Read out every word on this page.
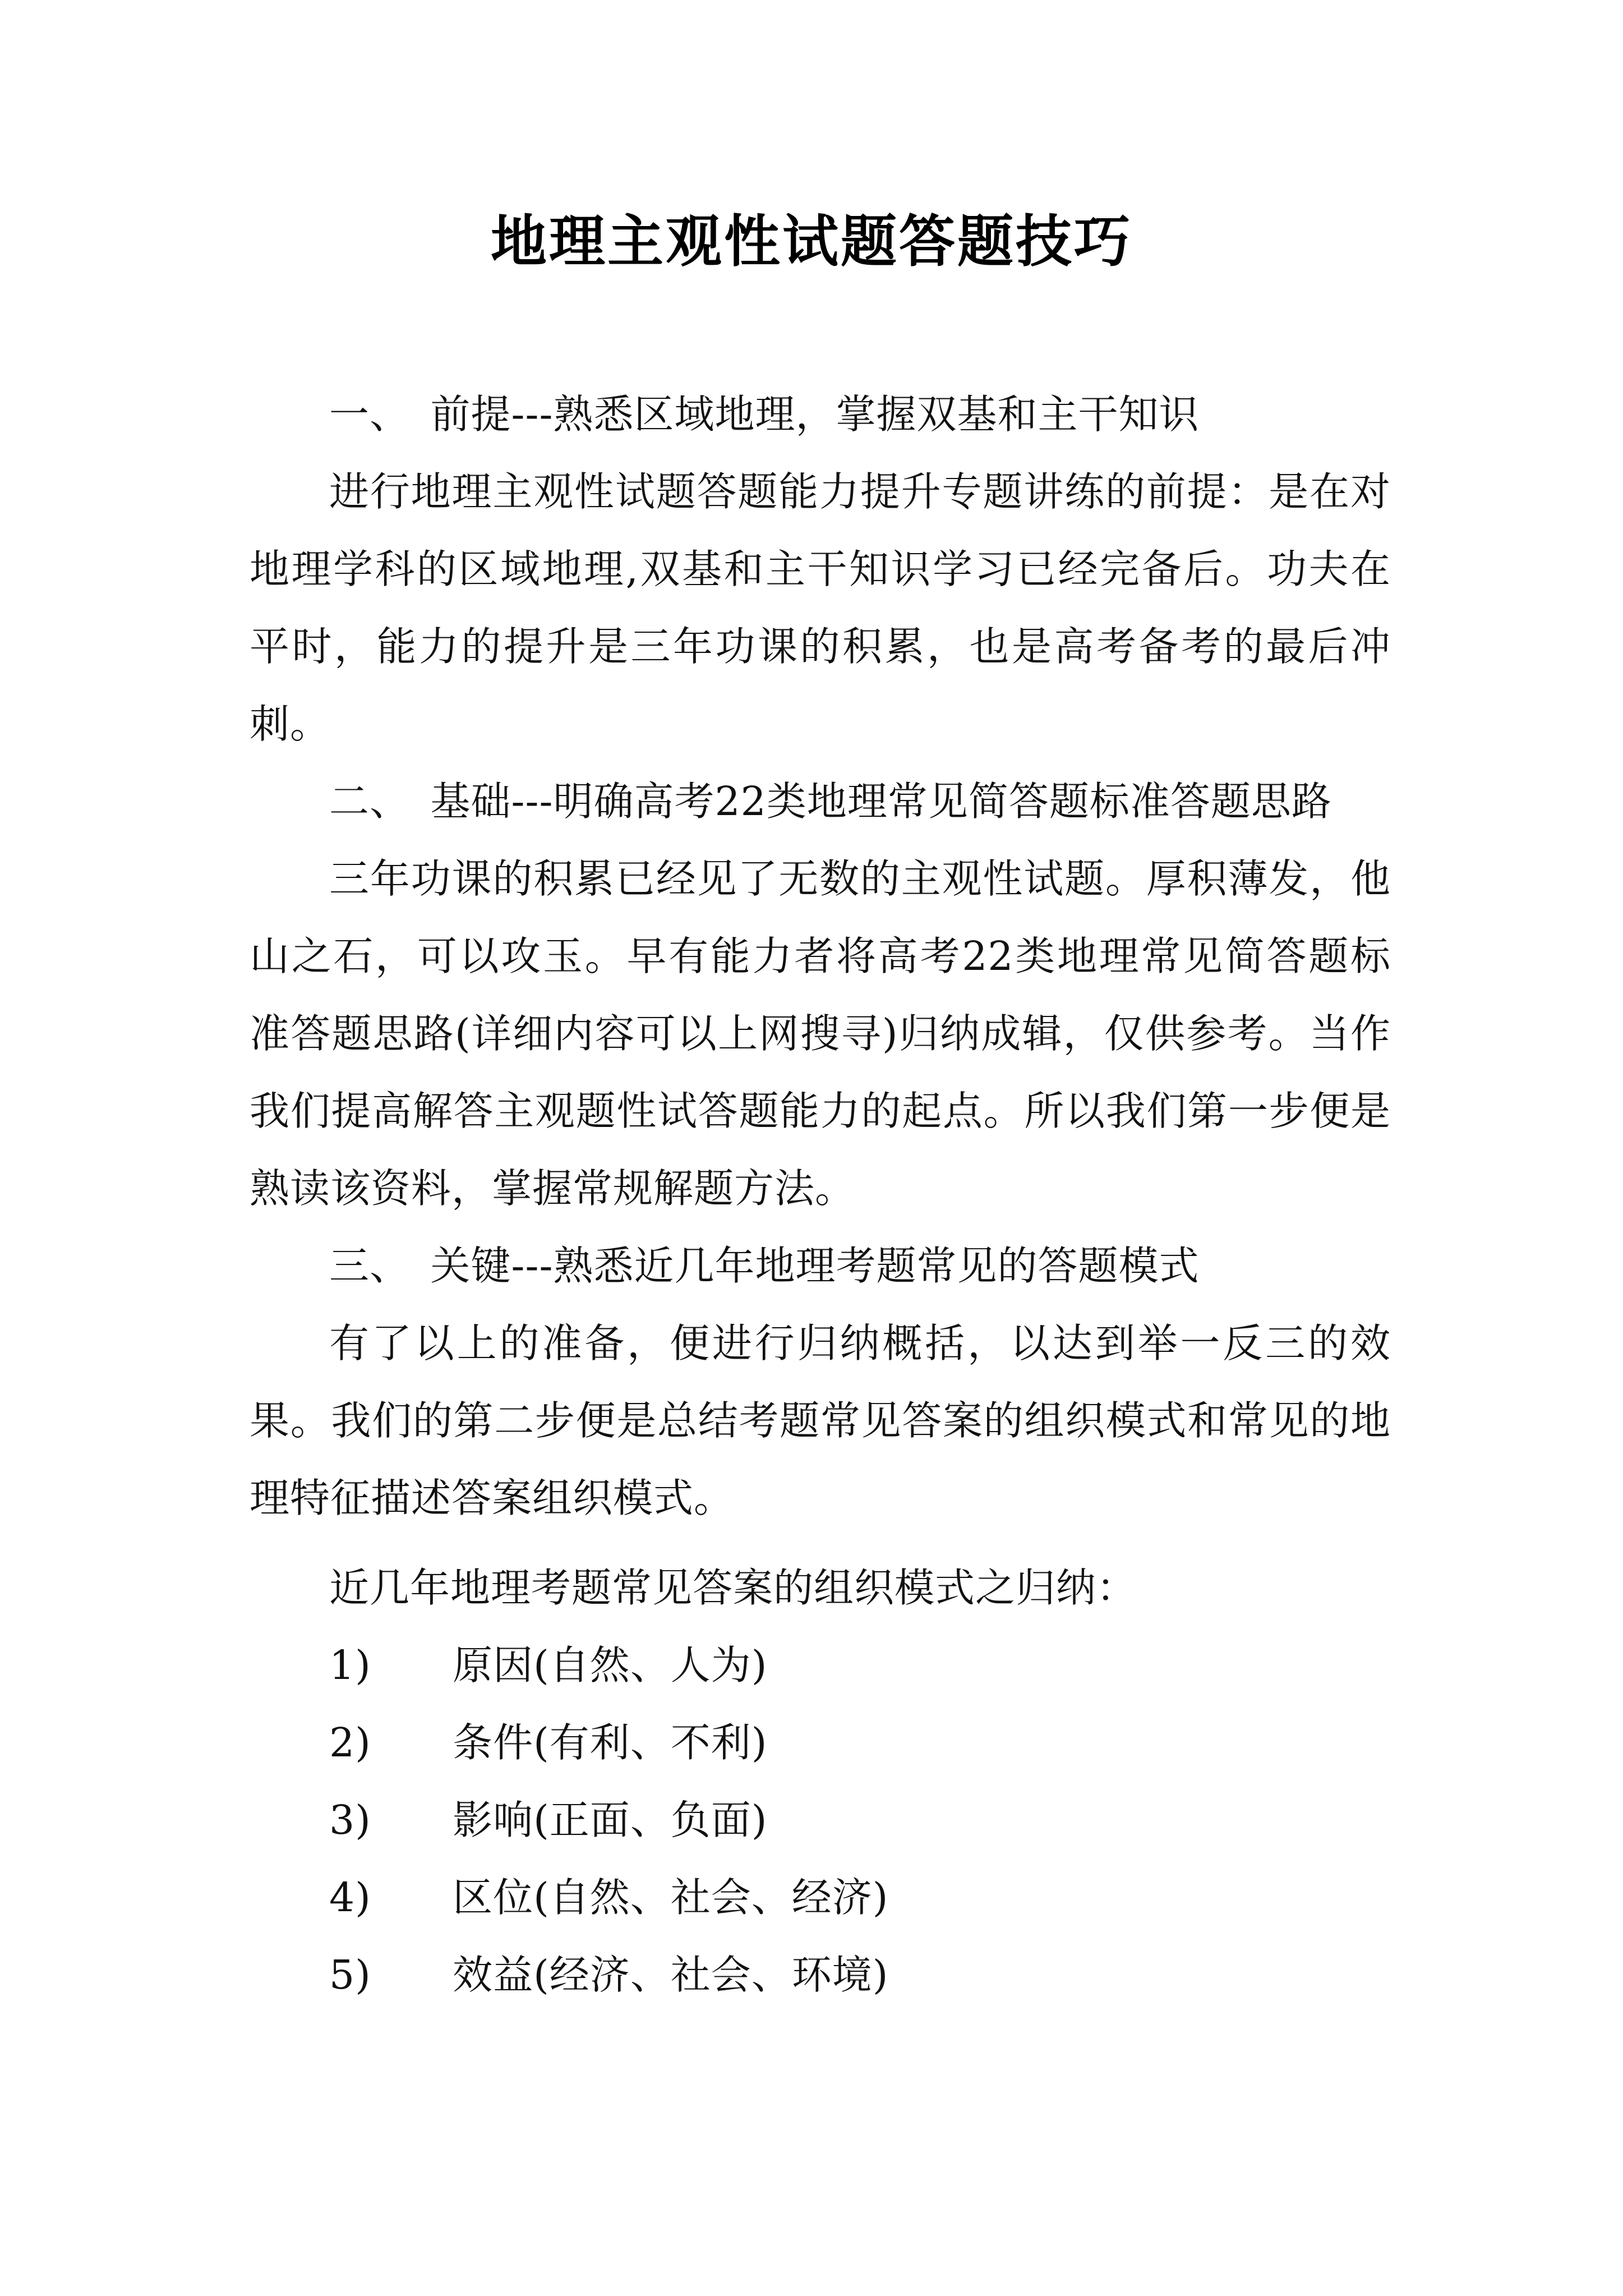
地理主观性试题答题技巧

一、　前提---熟悉区域地理，掌握双基和主干知识

进行地理主观性试题答题能力提升专题讲练的前提：是在对地理学科的区域地理,双基和主干知识学习已经完备后。功夫在平时，能力的提升是三年功课的积累，也是高考备考的最后冲刺。

二、　基础---明确高考22类地理常见简答题标准答题思路

三年功课的积累已经见了无数的主观性试题。厚积薄发，他山之石，可以攻玉。早有能力者将高考22类地理常见简答题标准答题思路(详细内容可以上网搜寻)归纳成辑，仅供参考。当作我们提高解答主观题性试答题能力的起点。所以我们第一步便是熟读该资料，掌握常规解题方法。

三、　关键---熟悉近几年地理考题常见的答题模式

有了以上的准备，便进行归纳概括，以达到举一反三的效果。我们的第二步便是总结考题常见答案的组织模式和常见的地理特征描述答案组织模式。

近几年地理考题常见答案的组织模式之归纳：

1) 原因(自然、人为)
2) 条件(有利、不利)
3) 影响(正面、负面)
4) 区位(自然、社会、经济)
5) 效益(经济、社会、环境)
